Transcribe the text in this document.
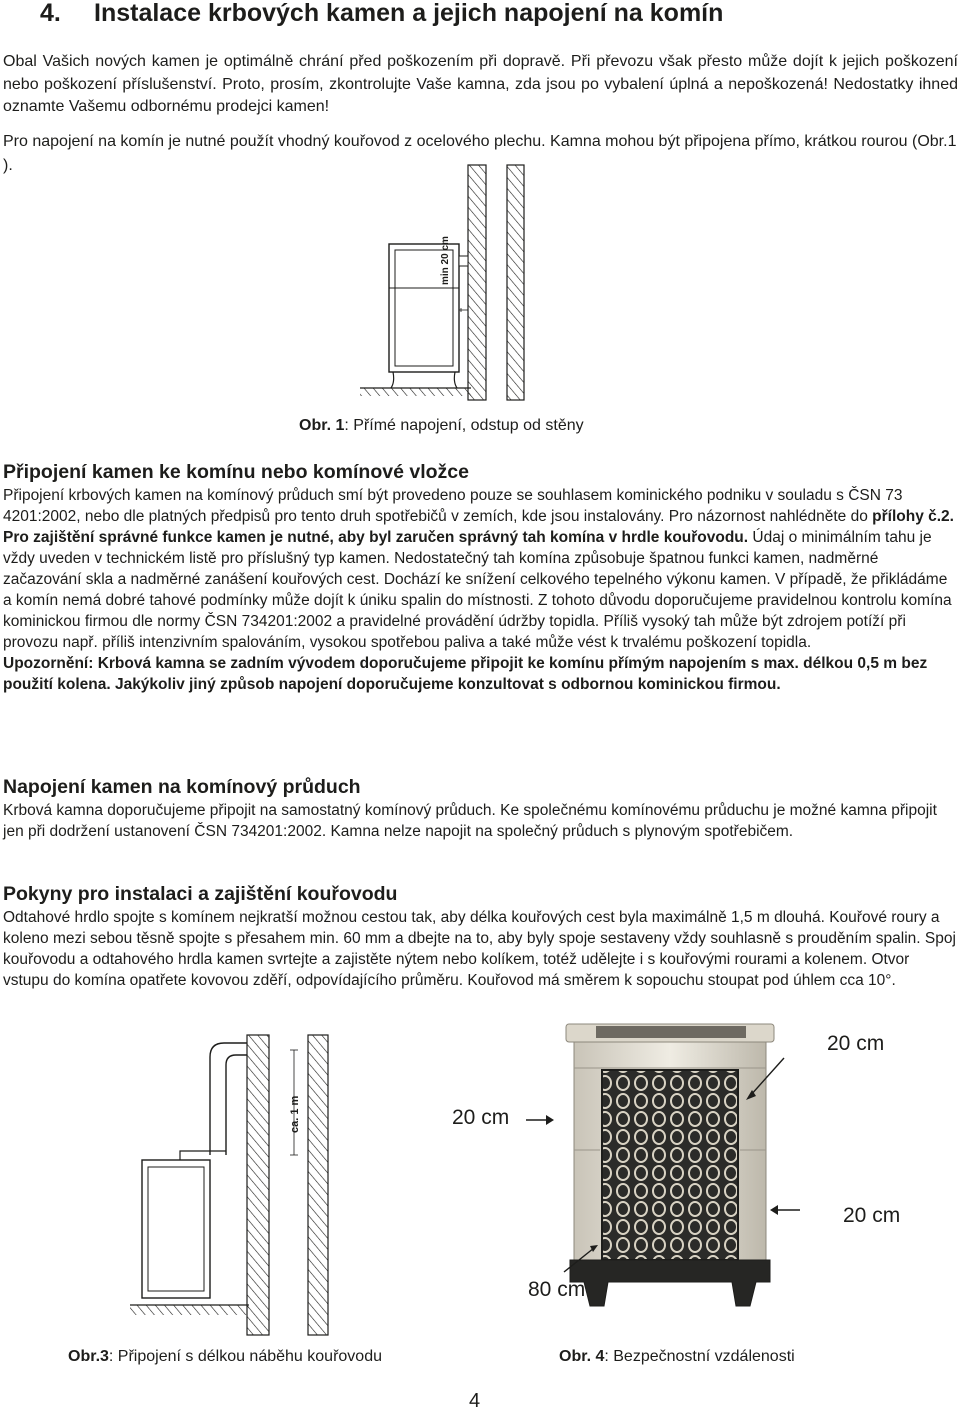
4. Instalace krbových kamen a jejich napojení na komín

Obal Vašich nových kamen je optimálně chrání před poškozením při dopravě. Při převozu však přesto může dojít k jejich poškození nebo poškození příslušenství. Proto, prosím, zkontrolujte Vaše kamna, zda jsou po vybalení úplná a nepoškozená! Nedostatky ihned oznamte Vašemu odbornému prodejci kamen!

Pro napojení na komín je nutné použít vhodný kouřovod z ocelového plechu. Kamna mohou být připojena přímo, krátkou rourou (Obr.1 ).

min 20 cm
Obr. 1: Přímé napojení, odstup od stěny
Připojení kamen ke komínu nebo komínové vložce
Připojení krbových kamen na komínový průduch smí být provedeno pouze se souhlasem kominického podniku v souladu s ČSN 73 4201:2002, nebo dle platných předpisů pro tento druh spotřebičů v zemích, kde jsou instalovány. Pro názornost nahlédněte do přílohy č.2.
Pro zajištění správné funkce kamen je nutné, aby byl zaručen správný tah komína v hrdle kouřovodu. Údaj o minimálním tahu je vždy uveden v technickém listě pro příslušný typ kamen. Nedostatečný tah komína způsobuje špatnou funkci kamen, nadměrné začazování skla a nadměrné zanášení kouřových cest. Dochází ke snížení celkového tepelného výkonu kamen. V případě, že přikládáme a komín nemá dobré tahové podmínky může dojít k úniku spalin do místnosti. Z tohoto důvodu doporučujeme pravidelnou kontrolu komína kominickou firmou dle normy ČSN 734201:2002 a pravidelné provádění údržby topidla. Příliš vysoký tah může být zdrojem potíží při provozu např. příliš intenzivním spalováním, vysokou spotřebou paliva a také může vést k trvalému poškození topidla.
Upozornění: Krbová kamna se zadním vývodem doporučujeme připojit ke komínu přímým napojením s max. délkou 0,5 m bez použití kolena. Jakýkoliv jiný způsob napojení doporučujeme konzultovat s odbornou kominickou firmou.
Napojení kamen na komínový průduch

Krbová kamna doporučujeme připojit na samostatný komínový průduch. Ke společnému komínovému průduchu je možné kamna připojit jen při dodržení ustanovení ČSN 734201:2002. Kamna nelze napojit na společný průduch s plynovým spotřebičem.

Pokyny pro instalaci a zajištění kouřovodu

Odtahové hrdlo spojte s komínem nejkratší možnou cestou tak, aby délka kouřových cest byla maximálně 1,5 m dlouhá. Kouřové roury a koleno mezi sebou těsně spojte s přesahem min. 60 mm a dbejte na to, aby byly spoje sestaveny vždy souhlasně s prouděním spalin. Spoj kouřovodu a odtahového hrdla kamen svrtejte a zajistěte nýtem nebo kolíkem, totéž udělejte i s kouřovými rourami a kolenem. Otvor vstupu do komína opatřete kovovou zděří, odpovídajícího průměru. Kouřovod má směrem k sopouchu stoupat pod úhlem cca 10°.

ca. 1 m
Obr.3: Připojení s délkou náběhu kouřovodu
20 cm
20 cm
20 cm
80 cm
Obr. 4: Bezpečnostní vzdálenosti
4
